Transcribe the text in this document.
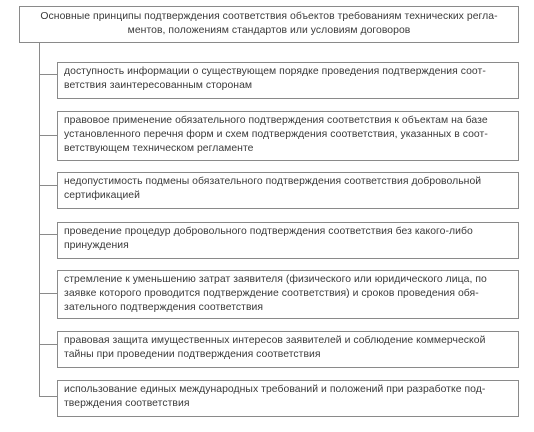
Основные принципы подтверждения соответствия объектов требованиям технических регла-
ментов, положениям стандартов или условиям договоров
доступность информации о существующем порядке проведения подтверждения соот-
ветствия заинтересованным сторонам
правовое применение обязательного подтверждения соответствия к объектам на базе
установленного перечня форм и схем подтверждения соответствия, указанных в соот-
ветствующем техническом регламенте
недопустимость подмены обязательного подтверждения соответствия добровольной
сертификацией
проведение процедур добровольного подтверждения соответствия без какого-либо
принуждения
стремление к уменьшению затрат заявителя (физического или юридического лица, по
заявке которого проводится подтверждение соответствия) и сроков проведения обя-
зательного подтверждения соответствия
правовая защита имущественных интересов заявителей и соблюдение коммерческой
тайны при проведении подтверждения соответствия
использование единых международных требований и положений при разработке под-
тверждения соответствия
